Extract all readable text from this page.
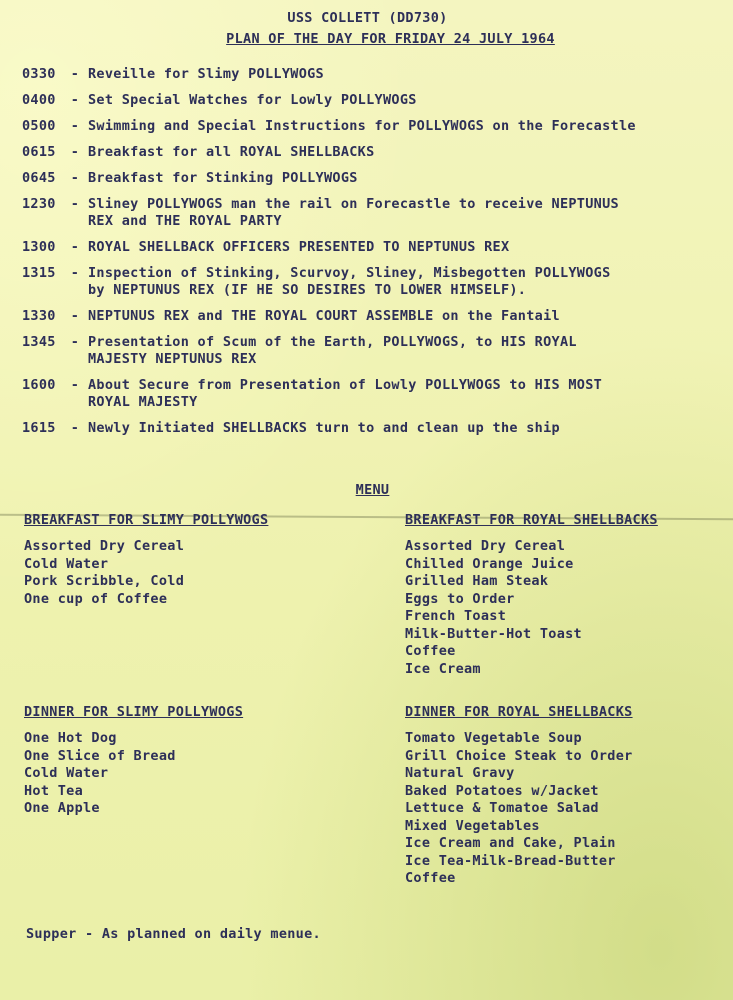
USS COLLETT (DD730)
PLAN OF THE DAY FOR FRIDAY 24 JULY 1964
0330	- Reveille for Slimy POLLYWOGS
0400	- Set Special Watches for Lowly POLLYWOGS
0500	- Swimming and Special Instructions for POLLYWOGS on the Forecastle
0615	- Breakfast for all ROYAL SHELLBACKS
0645	- Breakfast for Stinking POLLYWOGS
1230	- Sliney POLLYWOGS man the rail on Forecastle to receive NEPTUNUS
REX and THE ROYAL PARTY
1300	- ROYAL SHELLBACK OFFICERS PRESENTED TO NEPTUNUS REX
1315	- Inspection of Stinking, Scurvoy, Sliney, Misbegotten POLLYWOGS
by NEPTUNUS REX (IF HE SO DESIRES TO LOWER HIMSELF).
1330	- NEPTUNUS REX and THE ROYAL COURT ASSEMBLE on the Fantail
1345	- Presentation of Scum of the Earth, POLLYWOGS, to HIS ROYAL
MAJESTY NEPTUNUS REX
1600	- About Secure from Presentation of Lowly POLLYWOGS to HIS MOST
ROYAL MAJESTY
1615	- Newly Initiated SHELLBACKS turn to and clean up the ship
MENU
BREAKFAST FOR SLIMY POLLYWOGS
Assorted Dry Cereal
Cold Water
Pork Scribble, Cold
One cup of Coffee
BREAKFAST FOR ROYAL SHELLBACKS
Assorted Dry Cereal
Chilled Orange Juice
Grilled Ham Steak
Eggs to Order
French Toast
Milk-Butter-Hot Toast
Coffee
Ice Cream
DINNER FOR SLIMY POLLYWOGS
One Hot Dog
One Slice of Bread
Cold Water
Hot Tea
One Apple
DINNER FOR ROYAL SHELLBACKS
Tomato Vegetable Soup
Grill Choice Steak to Order
Natural Gravy
Baked Potatoes w/Jacket
Lettuce & Tomatoe Salad
Mixed Vegetables
Ice Cream and Cake, Plain
Ice Tea-Milk-Bread-Butter
Coffee
Supper - As planned on daily menue.
